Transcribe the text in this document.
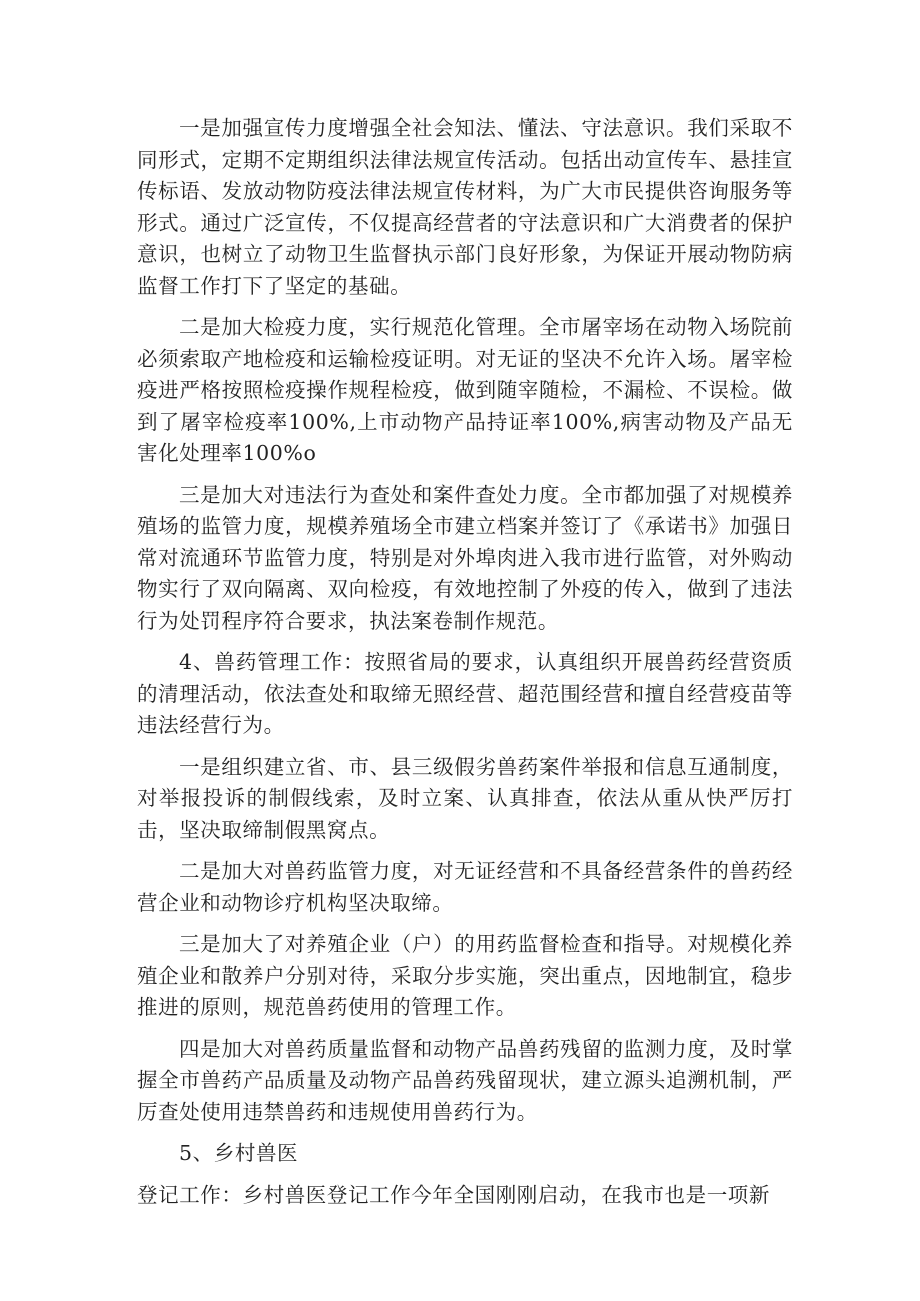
一是加强宣传力度增强全社会知法、懂法、守法意识。我们采取不同形式，定期不定期组织法律法规宣传活动。包括出动宣传车、悬挂宣传标语、发放动物防疫法律法规宣传材料，为广大市民提供咨询服务等形式。通过广泛宣传，不仅提高经营者的守法意识和广大消费者的保护意识，也树立了动物卫生监督执示部门良好形象，为保证开展动物防病监督工作打下了坚定的基础。

二是加大检疫力度，实行规范化管理。全市屠宰场在动物入场院前必须索取产地检疫和运输检疫证明。对无证的坚决不允许入场。屠宰检疫进严格按照检疫操作规程检疫，做到随宰随检，不漏检、不误检。做到了屠宰检疫率100%,上市动物产品持证率100%,病害动物及产品无害化处理率100%o

三是加大对违法行为查处和案件查处力度。全市都加强了对规模养殖场的监管力度，规模养殖场全市建立档案并签订了《承诺书》加强日常对流通环节监管力度，特别是对外埠肉进入我市进行监管，对外购动物实行了双向隔离、双向检疫，有效地控制了外疫的传入，做到了违法行为处罚程序符合要求，执法案卷制作规范。

4、兽药管理工作：按照省局的要求，认真组织开展兽药经营资质的清理活动，依法查处和取缔无照经营、超范围经营和擅自经营疫苗等违法经营行为。

一是组织建立省、市、县三级假劣兽药案件举报和信息互通制度，对举报投诉的制假线索，及时立案、认真排查，依法从重从快严厉打击，坚决取缔制假黑窝点。

二是加大对兽药监管力度，对无证经营和不具备经营条件的兽药经营企业和动物诊疗机构坚决取缔。

三是加大了对养殖企业（户）的用药监督检查和指导。对规模化养殖企业和散养户分别对待，采取分步实施，突出重点，因地制宜，稳步推进的原则，规范兽药使用的管理工作。

四是加大对兽药质量监督和动物产品兽药残留的监测力度，及时掌握全市兽药产品质量及动物产品兽药残留现状，建立源头追溯机制，严厉查处使用违禁兽药和违规使用兽药行为。

5、乡村兽医

登记工作：乡村兽医登记工作今年全国刚刚启动，在我市也是一项新
